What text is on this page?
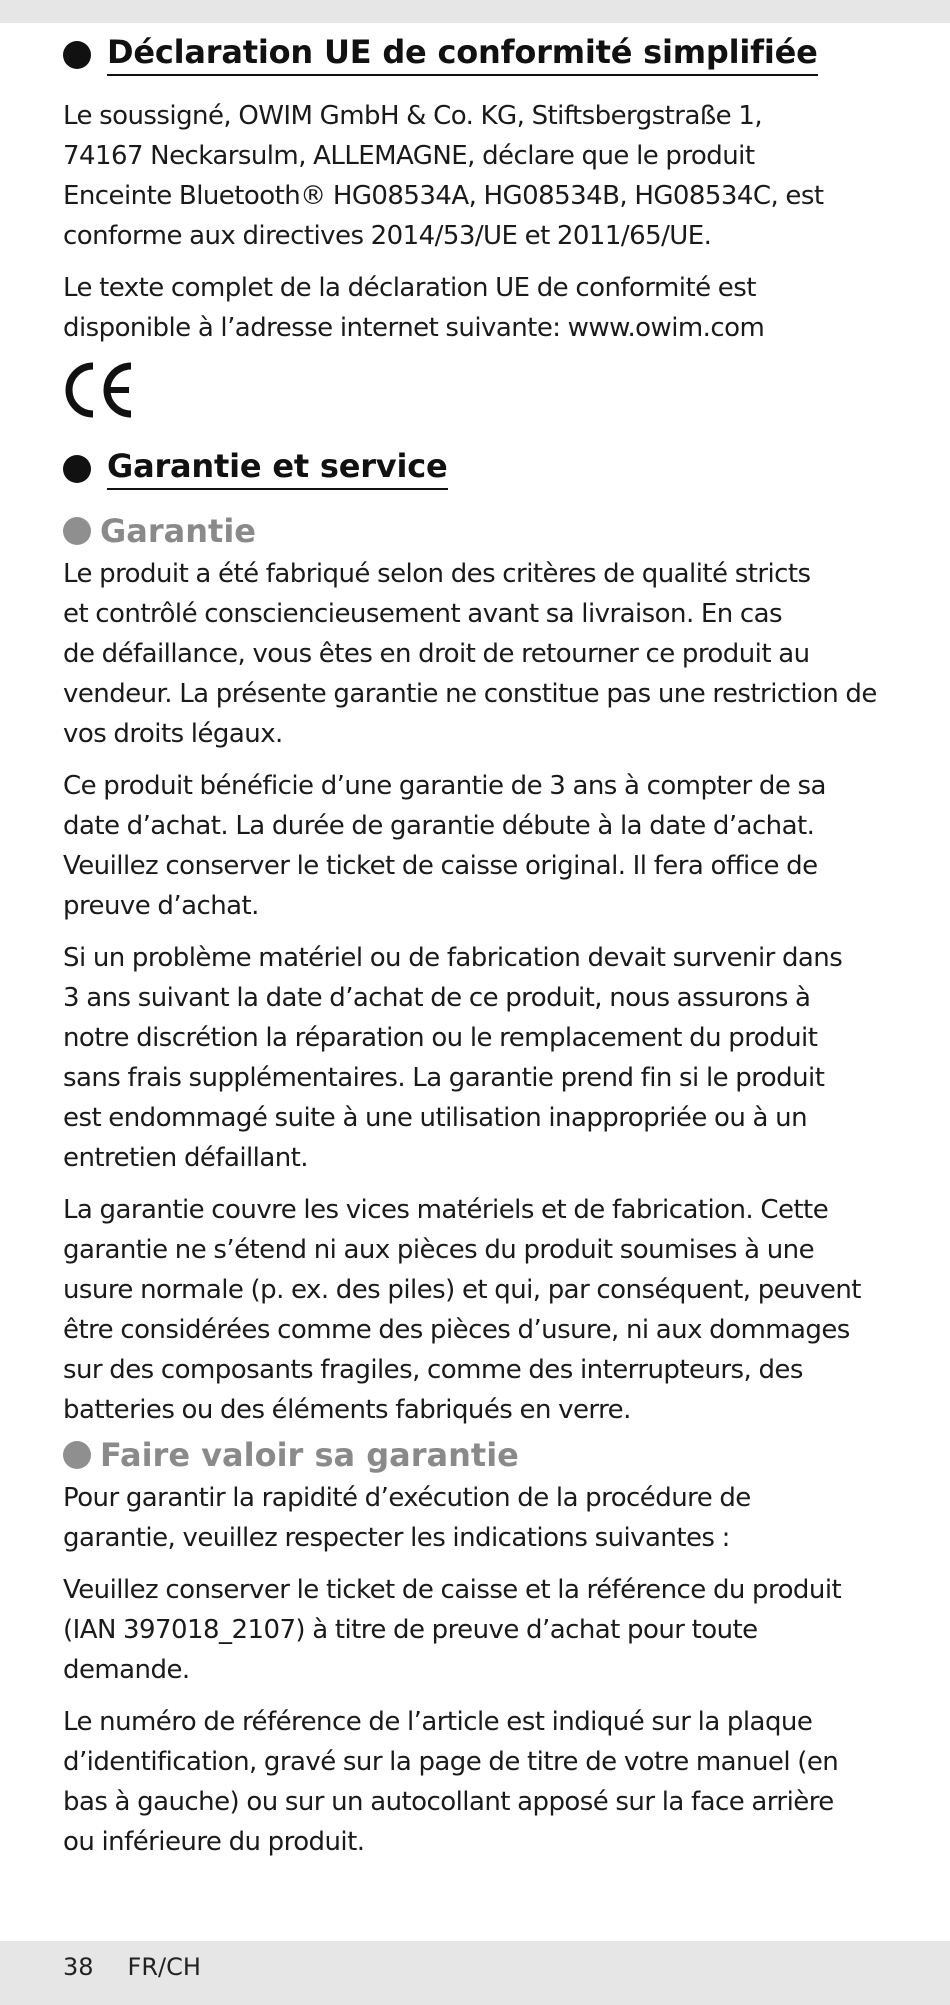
Déclaration UE de conformité simplifiée

Le soussigné, OWIM GmbH & Co. KG, Stiftsbergstraße 1,
74167 Neckarsulm, ALLEMAGNE, déclare que le produit
Enceinte Bluetooth® HG08534A, HG08534B, HG08534C, est
conforme aux directives 2014/53/UE et 2011/65/UE.

Le texte complet de la déclaration UE de conformité est
disponible à l’adresse internet suivante: www.owim.com

Garantie et service
Garantie

Le produit a été fabriqué selon des critères de qualité stricts
et contrôlé consciencieusement avant sa livraison. En cas
de défaillance, vous êtes en droit de retourner ce produit au
vendeur. La présente garantie ne constitue pas une restriction de
vos droits légaux.

Ce produit bénéficie d’une garantie de 3 ans à compter de sa
date d’achat. La durée de garantie débute à la date d’achat.
Veuillez conserver le ticket de caisse original. Il fera office de
preuve d’achat.

Si un problème matériel ou de fabrication devait survenir dans
3 ans suivant la date d’achat de ce produit, nous assurons à
notre discrétion la réparation ou le remplacement du produit
sans frais supplémentaires. La garantie prend fin si le produit
est endommagé suite à une utilisation inappropriée ou à un
entretien défaillant.

La garantie couvre les vices matériels et de fabrication. Cette
garantie ne s’étend ni aux pièces du produit soumises à une
usure normale (p. ex. des piles) et qui, par conséquent, peuvent
être considérées comme des pièces d’usure, ni aux dommages
sur des composants fragiles, comme des interrupteurs, des
batteries ou des éléments fabriqués en verre.

Faire valoir sa garantie

Pour garantir la rapidité d’exécution de la procédure de
garantie, veuillez respecter les indications suivantes :

Veuillez conserver le ticket de caisse et la référence du produit
(IAN 397018_2107) à titre de preuve d’achat pour toute
demande.

Le numéro de référence de l’article est indiqué sur la plaque
d’identification, gravé sur la page de titre de votre manuel (en
bas à gauche) ou sur un autocollant apposé sur la face arrière
ou inférieure du produit.

38 FR/CH
